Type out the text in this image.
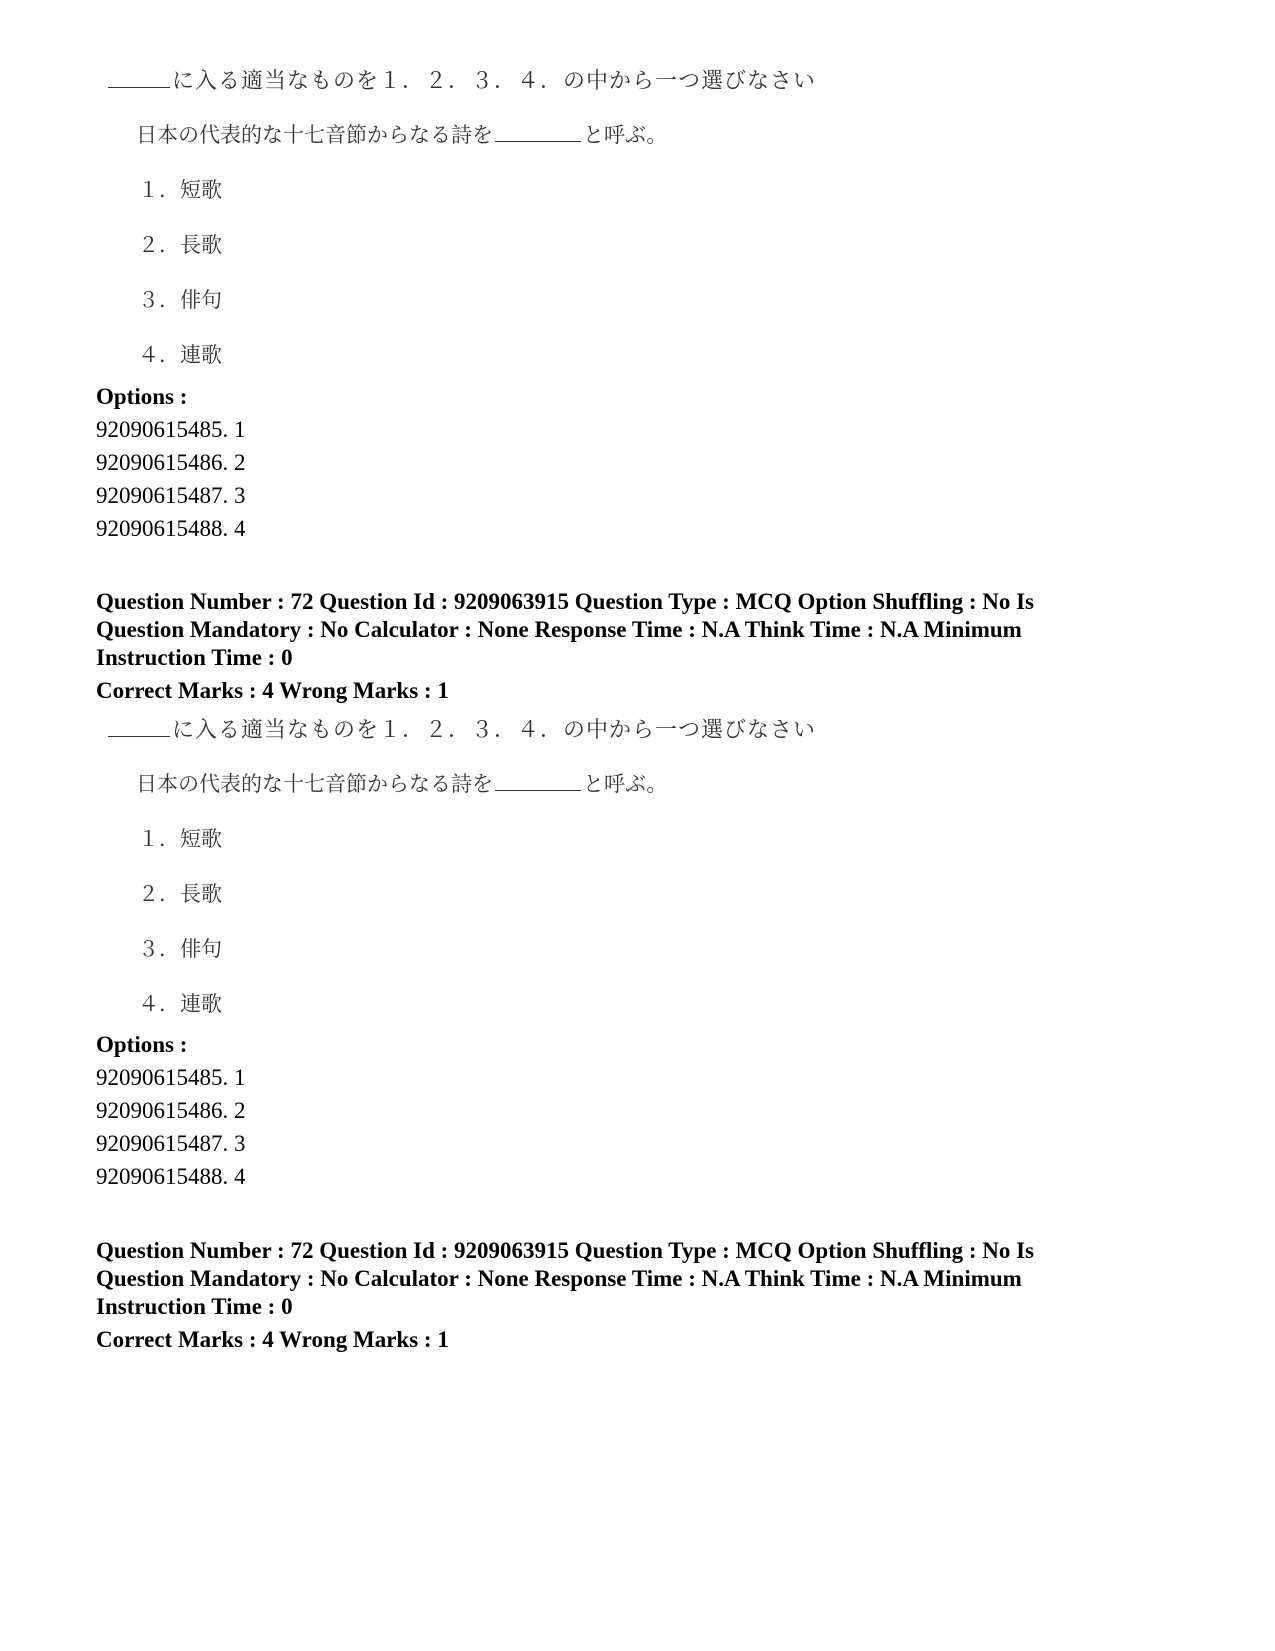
に入る適当なものを１．２．３．４．の中から一つ選びなさい
日本の代表的な十七音節からなる詩を	と呼ぶ。
１．短歌
２．長歌
３．俳句
４．連歌
Options :
92090615485. 1
92090615486. 2
92090615487. 3
92090615488. 4
Question Number : 72 Question Id : 9209063915 Question Type : MCQ Option Shuffling : No Is
Question Mandatory : No Calculator : None Response Time : N.A Think Time : N.A Minimum
Instruction Time : 0
Correct Marks : 4 Wrong Marks : 1
に入る適当なものを１．２．３．４．の中から一つ選びなさい
日本の代表的な十七音節からなる詩を	と呼ぶ。
１．短歌
２．長歌
３．俳句
４．連歌
Options :
92090615485. 1
92090615486. 2
92090615487. 3
92090615488. 4
Question Number : 72 Question Id : 9209063915 Question Type : MCQ Option Shuffling : No Is
Question Mandatory : No Calculator : None Response Time : N.A Think Time : N.A Minimum
Instruction Time : 0
Correct Marks : 4 Wrong Marks : 1
